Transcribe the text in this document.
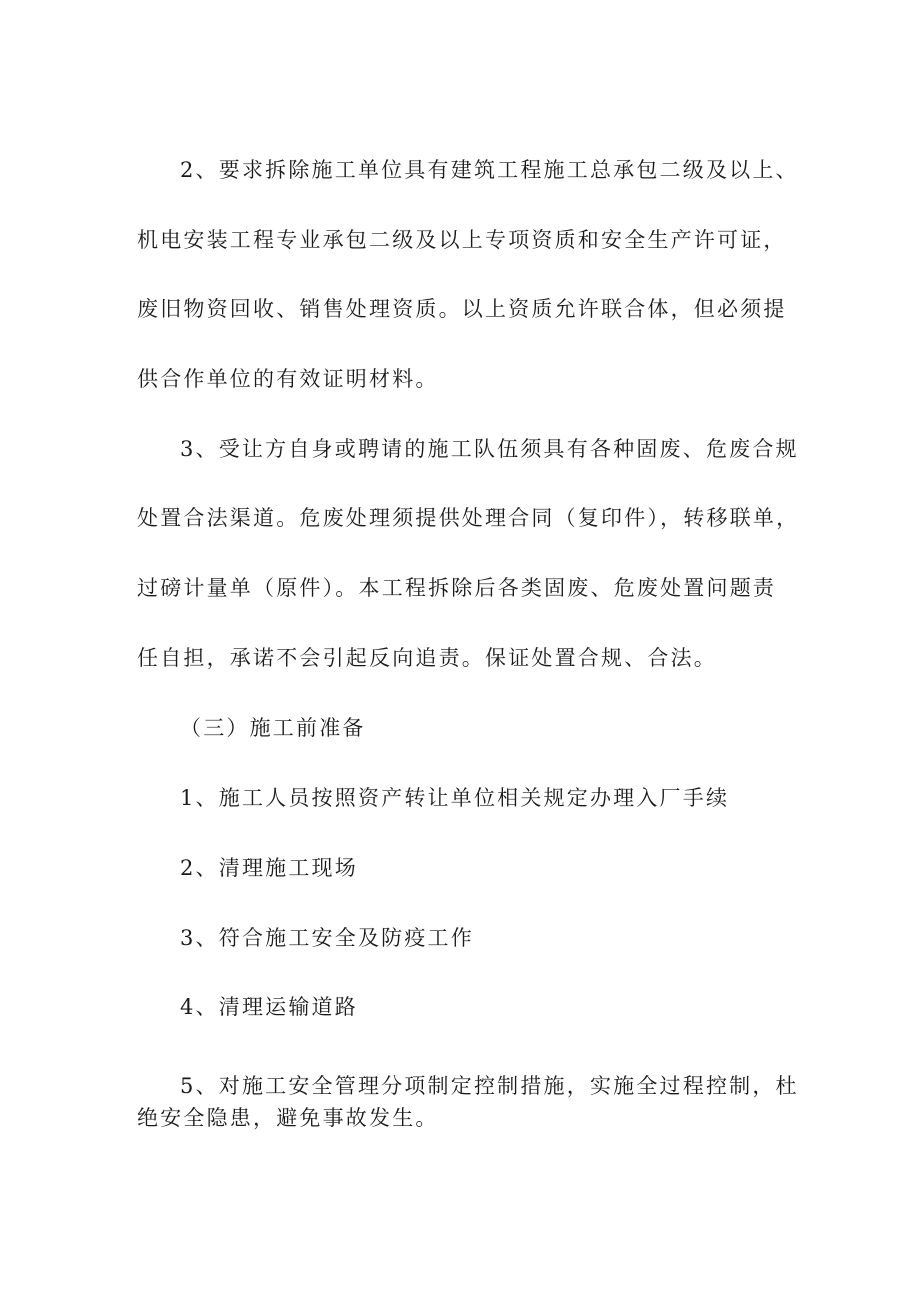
2、要求拆除施工单位具有建筑工程施工总承包二级及以上、
机电安装工程专业承包二级及以上专项资质和安全生产许可证，
废旧物资回收、销售处理资质。以上资质允许联合体，但必须提
供合作单位的有效证明材料。
3、受让方自身或聘请的施工队伍须具有各种固废、危废合规
处置合法渠道。危废处理须提供处理合同（复印件），转移联单，
过磅计量单（原件）。本工程拆除后各类固废、危废处置问题责
任自担，承诺不会引起反向追责。保证处置合规、合法。
（三）施工前准备
1、施工人员按照资产转让单位相关规定办理入厂手续
2、清理施工现场
3、符合施工安全及防疫工作
4、清理运输道路
5、对施工安全管理分项制定控制措施，实施全过程控制，杜
绝安全隐患，避免事故发生。
